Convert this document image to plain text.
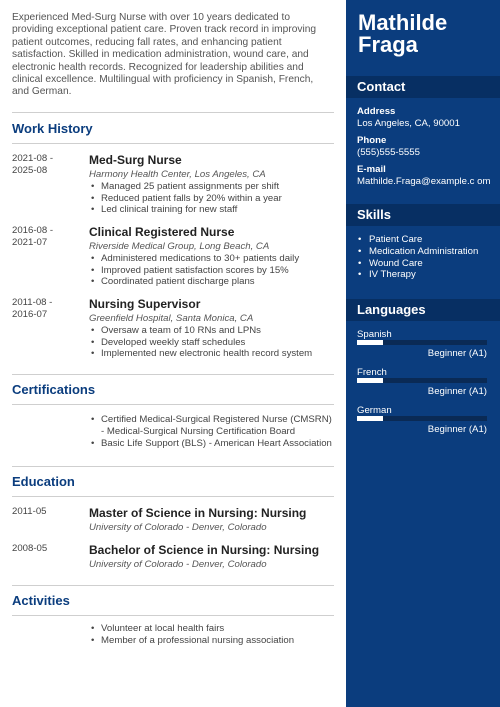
Experienced Med-Surg Nurse with over 10 years dedicated to providing exceptional patient care. Proven track record in improving patient outcomes, reducing fall rates, and enhancing patient satisfaction. Skilled in medication administration, wound care, and electronic health records. Recognized for leadership abilities and clinical excellence. Multilingual with proficiency in Spanish, French, and German.

Work History
2021-08 -
2025-08
Med-Surg Nurse
Harmony Health Center, Los Angeles, CA
• Managed 25 patient assignments per shift
• Reduced patient falls by 20% within a year
• Led clinical training for new staff
2016-08 -
2021-07
Clinical Registered Nurse
Riverside Medical Group, Long Beach, CA
• Administered medications to 30+ patients daily
• Improved patient satisfaction scores by 15%
• Coordinated patient discharge plans
2011-08 -
2016-07
Nursing Supervisor
Greenfield Hospital, Santa Monica, CA
• Oversaw a team of 10 RNs and LPNs
• Developed weekly staff schedules
• Implemented new electronic health record system
Certifications
• Certified Medical-Surgical Registered Nurse (CMSRN) - Medical-Surgical Nursing Certification Board
• Basic Life Support (BLS) - American Heart Association
Education
2011-05	Master of Science in Nursing: Nursing
University of Colorado - Denver, Colorado
2008-05	Bachelor of Science in Nursing: Nursing
University of Colorado - Denver, Colorado
Activities
• Volunteer at local health fairs
• Member of a professional nursing association
Mathilde
Fraga
Contact
Address
Los Angeles, CA, 90001
Phone
(555)555-5555
E-mail
Mathilde.Fraga@example.c om
Skills
• Patient Care
• Medication Administration
• Wound Care
• IV Therapy
Languages
Spanish
Beginner (A1)
French
Beginner (A1)
German
Beginner (A1)
